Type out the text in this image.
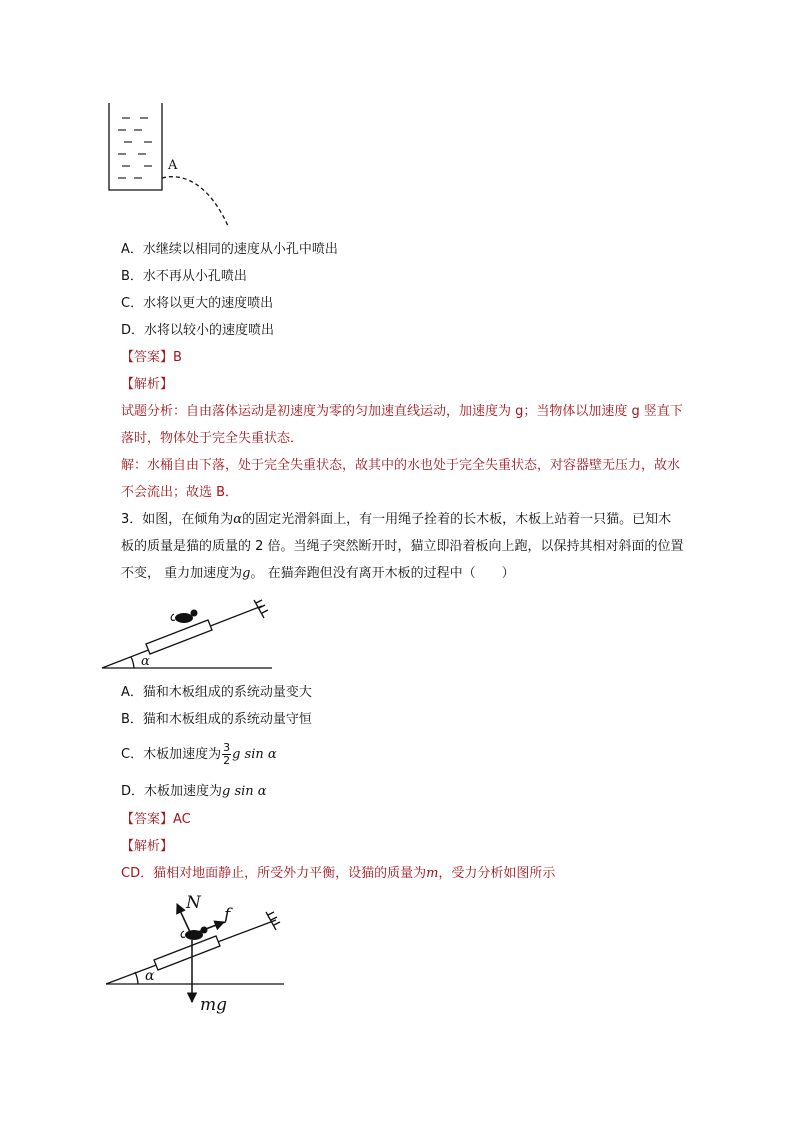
A
A．水继续以相同的速度从小孔中喷出
B．水不再从小孔喷出
C．水将以更大的速度喷出
D．水将以较小的速度喷出
【答案】B
【解析】
试题分析：自由落体运动是初速度为零的匀加速直线运动，加速度为 g；当物体以加速度 g 竖直下
落时，物体处于完全失重状态．
解：水桶自由下落，处于完全失重状态，故其中的水也处于完全失重状态，对容器壁无压力，故水
不会流出；故选 B．
3．如图，在倾角为α的固定光滑斜面上，有一用绳子拴着的长木板，木板上站着一只猫。已知木
板的质量是猫的质量的 2 倍。当绳子突然断开时，猫立即沿着板向上跑，以保持其相对斜面的位置
不变， 重力加速度为g。 在猫奔跑但没有离开木板的过程中（　　）
α
A．猫和木板组成的系统动量变大
B．猫和木板组成的系统动量守恒
C．木板加速度为 $\frac{3}{2}$ g sin α
D．木板加速度为g sin α
【答案】AC
【解析】
CD．猫相对地面静止，所受外力平衡，设猫的质量为m，受力分析如图所示
N
f
mg
α
